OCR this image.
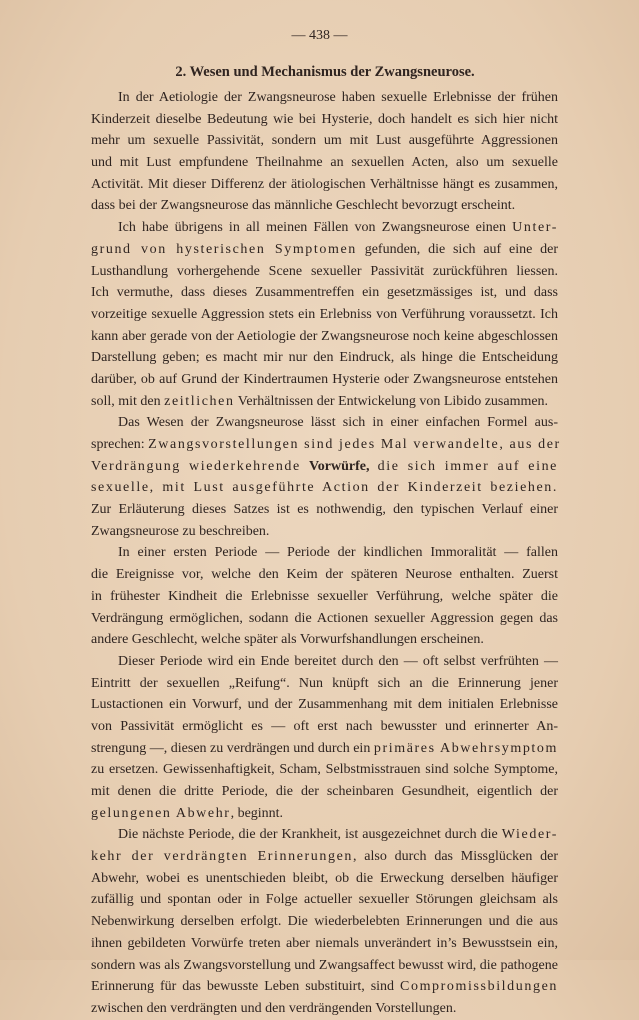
— 438 —
2. Wesen und Mechanismus der Zwangsneurose.
In der Aetiologie der Zwangsneurose haben sexuelle Erlebnisse der frühen
Kinderzeit dieselbe Bedeutung wie bei Hysterie, doch handelt es sich hier nicht
mehr um sexuelle Passivität, sondern um mit Lust ausgeführte Aggressionen
und mit Lust empfundene Theilnahme an sexuellen Acten, also um sexuelle
Activität. Mit dieser Differenz der ätiologischen Verhältnisse hängt es zusammen,
dass bei der Zwangsneurose das männliche Geschlecht bevorzugt erscheint.
Ich habe übrigens in all meinen Fällen von Zwangsneurose einen Unter-
grund von hysterischen Symptomen gefunden, die sich auf eine der
Lusthandlung vorhergehende Scene sexueller Passivität zurückführen liessen.
Ich vermuthe, dass dieses Zusammentreffen ein gesetzmässiges ist, und dass
vorzeitige sexuelle Aggression stets ein Erlebniss von Verführung voraussetzt. Ich
kann aber gerade von der Aetiologie der Zwangsneurose noch keine abgeschlossen
Darstellung geben; es macht mir nur den Eindruck, als hinge die Entscheidung
darüber, ob auf Grund der Kindertraumen Hysterie oder Zwangsneurose entstehen
soll, mit den zeitlichen Verhältnissen der Entwickelung von Libido zusammen.
Das Wesen der Zwangsneurose lässt sich in einer einfachen Formel aus-
sprechen: Zwangsvorstellungen sind jedes Mal verwandelte, aus der
Verdrängung wiederkehrende Vorwürfe, die sich immer auf eine
sexuelle, mit Lust ausgeführte Action der Kinderzeit beziehen.
Zur Erläuterung dieses Satzes ist es nothwendig, den typischen Verlauf einer
Zwangsneurose zu beschreiben.
In einer ersten Periode — Periode der kindlichen Immoralität — fallen
die Ereignisse vor, welche den Keim der späteren Neurose enthalten. Zuerst
in frühester Kindheit die Erlebnisse sexueller Verführung, welche später die
Verdrängung ermöglichen, sodann die Actionen sexueller Aggression gegen das
andere Geschlecht, welche später als Vorwurfshandlungen erscheinen.
Dieser Periode wird ein Ende bereitet durch den — oft selbst verfrühten —
Eintritt der sexuellen „Reifung“. Nun knüpft sich an die Erinnerung jener
Lustactionen ein Vorwurf, und der Zusammenhang mit dem initialen Erlebnisse
von Passivität ermöglicht es — oft erst nach bewusster und erinnerter An-
strengung —, diesen zu verdrängen und durch ein primäres Abwehrsymptom
zu ersetzen. Gewissenhaftigkeit, Scham, Selbstmisstrauen sind solche Symptome,
mit denen die dritte Periode, die der scheinbaren Gesundheit, eigentlich der
gelungenen Abwehr, beginnt.
Die nächste Periode, die der Krankheit, ist ausgezeichnet durch die Wieder-
kehr der verdrängten Erinnerungen, also durch das Missglücken der
Abwehr, wobei es unentschieden bleibt, ob die Erweckung derselben häufiger
zufällig und spontan oder in Folge actueller sexueller Störungen gleichsam als
Nebenwirkung derselben erfolgt. Die wiederbelebten Erinnerungen und die aus
ihnen gebildeten Vorwürfe treten aber niemals unverändert in’s Bewusstsein ein,
sondern was als Zwangsvorstellung und Zwangsaffect bewusst wird, die pathogene
Erinnerung für das bewusste Leben substituirt, sind Compromissbildungen
zwischen den verdrängten und den verdrängenden Vorstellungen.
